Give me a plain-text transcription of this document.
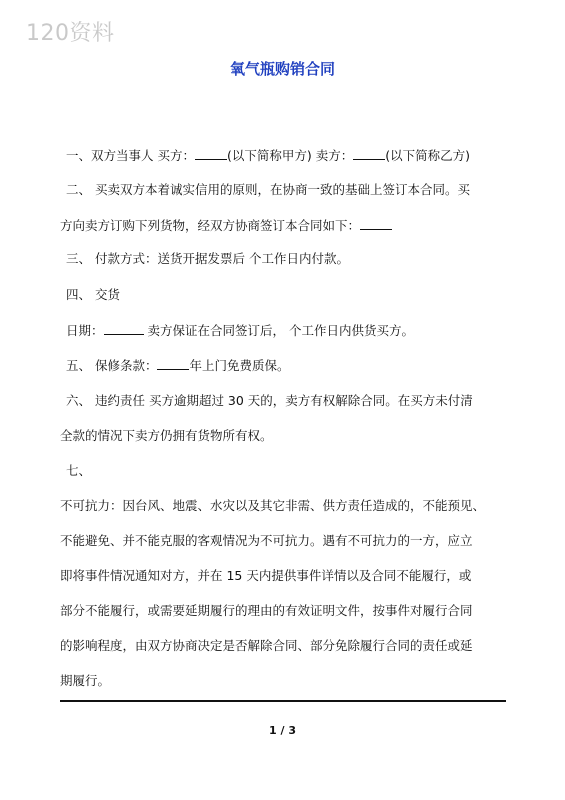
120资料
氧气瓶购销合同
一、双方当事人 买方：	(以下简称甲方) 卖方：	(以下简称乙方)
二、 买卖双方本着诚实信用的原则，在协商一致的基础上签订本合同。买
方向卖方订购下列货物，经双方协商签订本合同如下：
三、 付款方式：送货开据发票后 个工作日内付款。
四、 交货
日期：	卖方保证在合同签订后， 个工作日内供货买方。
五、 保修条款：	年上门免费质保。
六、 违约责任 买方逾期超过 30 天的，卖方有权解除合同。在买方未付清
全款的情况下卖方仍拥有货物所有权。
七、
不可抗力：因台风、地震、水灾以及其它非需、供方责任造成的，不能预见、
不能避免、并不能克服的客观情况为不可抗力。遇有不可抗力的一方，应立
即将事件情况通知对方，并在 15 天内提供事件详情以及合同不能履行，或
部分不能履行，或需要延期履行的理由的有效证明文件，按事件对履行合同
的影响程度，由双方协商决定是否解除合同、部分免除履行合同的责任或延
期履行。
1 / 3
